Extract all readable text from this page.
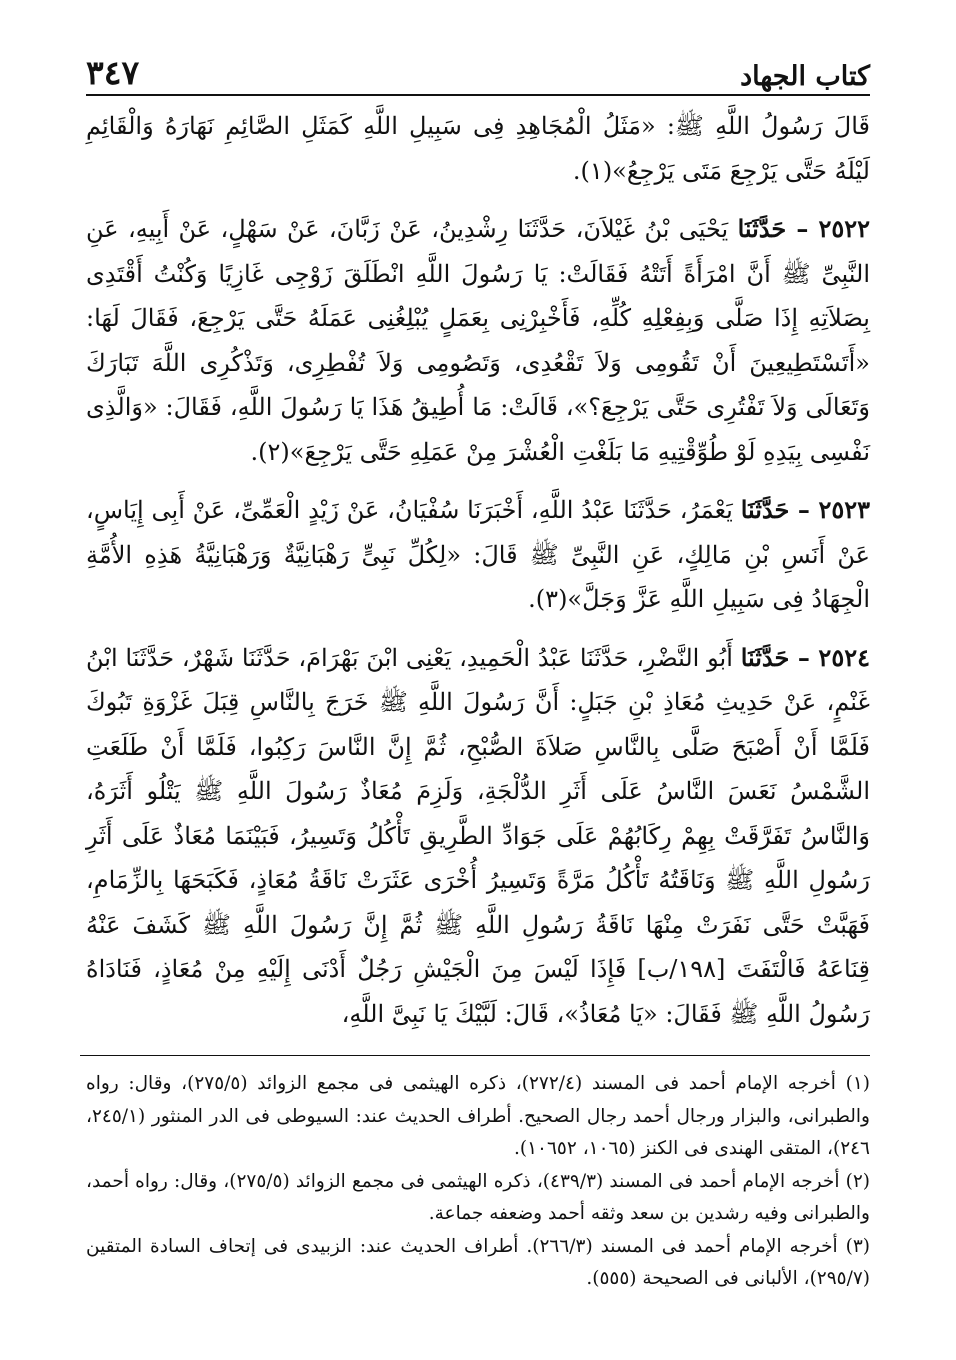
كتاب الجهاد
٣٤٧

قَالَ رَسُولُ اللَّهِ ﷺ: «مَثَلُ الْمُجَاهِدِ فِى سَبِيلِ اللَّهِ كَمَثَلِ الصَّائِمِ نَهَارَهُ وَالْقَائِمِ لَيْلَهُ حَتَّى يَرْجِعَ مَتَى يَرْجِعُ»(١).

٢٥٢٢ – حَدَّثَنَا يَحْيَى بْنُ غَيْلاَنَ، حَدَّثَنَا رِشْدِينُ، عَنْ زَبَّانَ، عَنْ سَهْلٍ، عَنْ أَبِيهِ، عَنِ النَّبِىِّ ﷺ أَنَّ امْرَأَةً أَتَتْهُ فَقَالَتْ: يَا رَسُولَ اللَّهِ انْطَلَقَ زَوْجِى غَازِيًا وَكُنْتُ أَقْتَدِى بِصَلاَتِهِ إِذَا صَلَّى وَبِفِعْلِهِ كُلِّهِ، فَأَخْبِرْنِى بِعَمَلٍ يُبْلِغُنِى عَمَلَهُ حَتَّى يَرْجِعَ، فَقَالَ لَهَا: «أَتَسْتَطِيعِينَ أَنْ تَقُومِى وَلاَ تَقْعُدِى، وَتَصُومِى وَلاَ تُفْطِرِى، وَتَذْكُرِى اللَّهَ تَبَارَكَ وَتَعَالَى وَلاَ تَفْتُرِى حَتَّى يَرْجِعَ؟»، قَالَتْ: مَا أُطِيقُ هَذَا يَا رَسُولَ اللَّهِ، فَقَالَ: «وَالَّذِى نَفْسِى بِيَدِهِ لَوْ طُوِّقْتِيهِ مَا بَلَغْتِ الْعُشْرَ مِنْ عَمَلِهِ حَتَّى يَرْجِعَ»(٢).

٢٥٢٣ – حَدَّثَنَا يَعْمَرُ، حَدَّثَنَا عَبْدُ اللَّهِ، أَخْبَرَنَا سُفْيَانُ، عَنْ زَيْدٍ الْعَمِّىِّ، عَنْ أَبِى إِيَاسٍ، عَنْ أَنَسِ بْنِ مَالِكٍ، عَنِ النَّبِىِّ ﷺ قَالَ: «لِكُلِّ نَبِىٍّ رَهْبَانِيَّةٌ وَرَهْبَانِيَّةُ هَذِهِ الأُمَّةِ الْجِهَادُ فِى سَبِيلِ اللَّهِ عَزَّ وَجَلَّ»(٣).

٢٥٢٤ – حَدَّثَنَا أَبُو النَّضْرِ، حَدَّثَنَا عَبْدُ الْحَمِيدِ، يَعْنِى ابْنَ بَهْرَامَ، حَدَّثَنَا شَهْرٌ، حَدَّثَنَا ابْنُ غَنْمٍ، عَنْ حَدِيثِ مُعَاذِ بْنِ جَبَلٍ: أَنَّ رَسُولَ اللَّهِ ﷺ خَرَجَ بِالنَّاسِ قِبَلَ غَزْوَةِ تَبُوكَ فَلَمَّا أَنْ أَصْبَحَ صَلَّى بِالنَّاسِ صَلاَةَ الصُّبْحِ، ثُمَّ إِنَّ النَّاسَ رَكِبُوا، فَلَمَّا أَنْ طَلَعَتِ الشَّمْسُ نَعَسَ النَّاسُ عَلَى أَثَرِ الدُّلْجَةِ، وَلَزِمَ مُعَاذٌ رَسُولَ اللَّهِ ﷺ يَتْلُو أَثَرَهُ، وَالنَّاسُ تَفَرَّقَتْ بِهِمْ رِكَابُهُمْ عَلَى جَوَادِّ الطَّرِيقِ تَأْكُلُ وَتَسِيرُ، فَبَيْنَمَا مُعَاذٌ عَلَى أَثَرِ رَسُولِ اللَّهِ ﷺ وَنَاقَتُهُ تَأْكُلُ مَرَّةً وَتَسِيرُ أُخْرَى عَثَرَتْ نَاقَةُ مُعَاذٍ، فَكَبَحَهَا بِالزِّمَامِ، فَهَبَّتْ حَتَّى نَفَرَتْ مِنْهَا نَاقَةُ رَسُولِ اللَّهِ ﷺ ثُمَّ إِنَّ رَسُولَ اللَّهِ ﷺ كَشَفَ عَنْهُ قِنَاعَهُ فَالْتَفَتَ [١٩٨/ب] فَإِذَا لَيْسَ مِنَ الْجَيْشِ رَجُلٌ أَدْنَى إِلَيْهِ مِنْ مُعَاذٍ، فَنَادَاهُ رَسُولُ اللَّهِ ﷺ فَقَالَ: «يَا مُعَاذُ»، قَالَ: لَبَّيْكَ يَا نَبِىَّ اللَّهِ،

(١) أخرجه الإمام أحمد فى المسند (٢٧٢/٤)، ذكره الهيثمى فى مجمع الزوائد (٢٧٥/٥)، وقال: رواه والطبرانى، والبزار ورجال أحمد رجال الصحيح. أطراف الحديث عند: السيوطى فى الدر المنثور (٢٤٥/١، ٢٤٦)، المتقى الهندى فى الكنز (١٠٦٥، ١٠٦٥٢).

(٢) أخرجه الإمام أحمد فى المسند (٤٣٩/٣)، ذكره الهيثمى فى مجمع الزوائد (٢٧٥/٥)، وقال: رواه أحمد، والطبرانى وفيه رشدين بن سعد وثقه أحمد وضعفه جماعة.

(٣) أخرجه الإمام أحمد فى المسند (٢٦٦/٣). أطراف الحديث عند: الزبيدى فى إتحاف السادة المتقين (٢٩٥/٧)، الألبانى فى الصحيحة (٥٥٥).
